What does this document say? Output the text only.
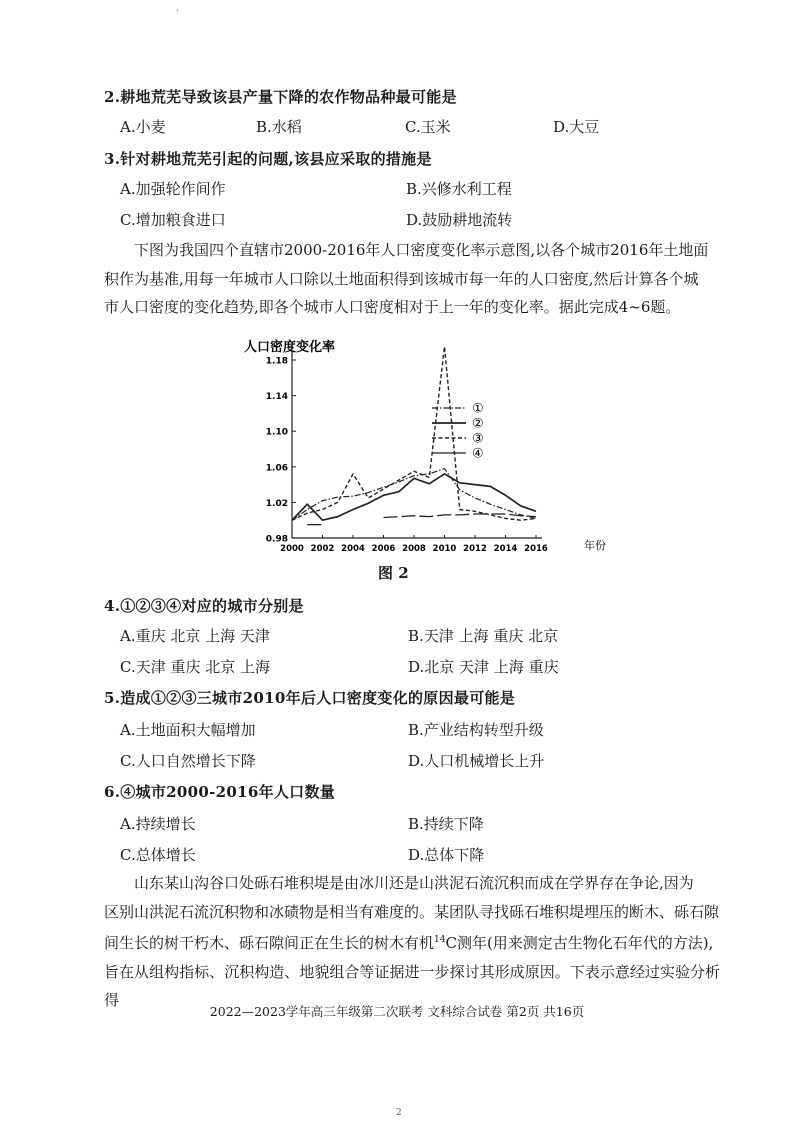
,
2.耕地荒芜导致该县产量下降的农作物品种最可能是
A.小麦	B.水稻	C.玉米	D.大豆
3.针对耕地荒芜引起的问题,该县应采取的措施是
A.加强轮作间作	B.兴修水利工程
C.增加粮食进口	D.鼓励耕地流转

下图为我国四个直辖市2000-2016年人口密度变化率示意图,以各个城市2016年土地面

积作为基准,用每一年城市人口除以土地面积得到该城市每一年的人口密度,然后计算各个城

市人口密度的变化趋势,即各个城市人口密度相对于上一年的变化率。据此完成4~6题。

人口密度变化率
0.98
1.02
1.06
1.10
1.14
1.18
2000 2002 2004 2006 2008 2010 2012 2014 2016
①
②
③
④
年份
图 2
4.①②③④对应的城市分别是
A.重庆 北京 上海 天津	B.天津 上海 重庆 北京
C.天津 重庆 北京 上海	D.北京 天津 上海 重庆
5.造成①②③三城市2010年后人口密度变化的原因最可能是
A.土地面积大幅增加	B.产业结构转型升级
C.人口自然增长下降	D.人口机械增长上升
6.④城市2000-2016年人口数量
A.持续增长	B.持续下降
C.总体增长	D.总体下降

山东某山沟谷口处砾石堆积堤是由冰川还是山洪泥石流沉积而成在学界存在争论,因为

区别山洪泥石流沉积物和冰碛物是相当有难度的。某团队寻找砾石堆积堤埋压的断木、砾石隙

间生长的树干朽木、砾石隙间正在生长的树木有机$^{14}$C测年(用来测定古生物化石年代的方法),

旨在从组构指标、沉积构造、地貌组合等证据进一步探讨其形成原因。下表示意经过实验分析得

2022—2023学年高三年级第二次联考 文科综合试卷 第2页 共16页
2
